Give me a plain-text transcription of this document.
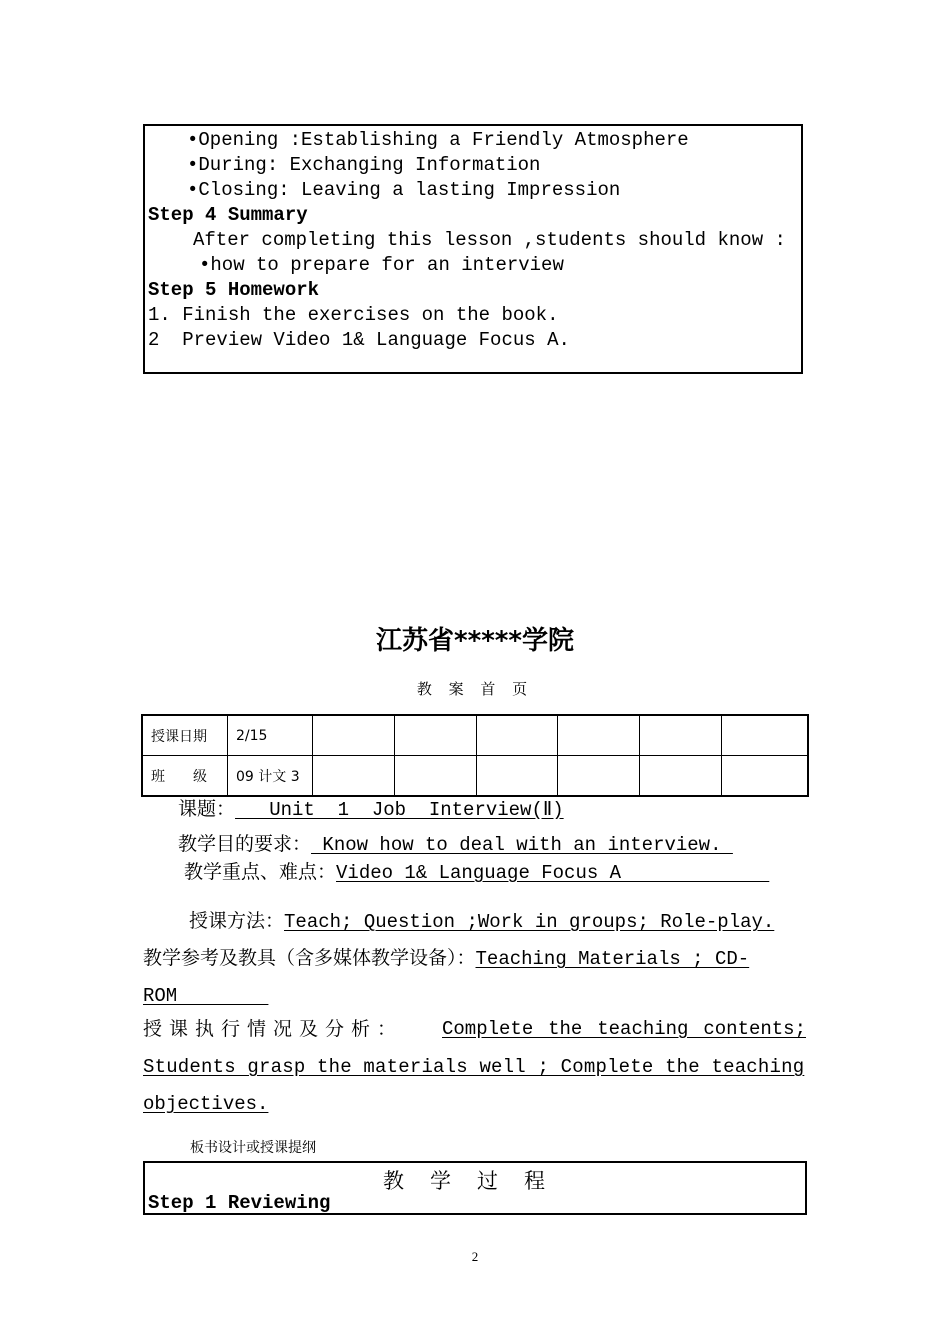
•Opening :Establishing a Friendly Atmosphere
•During: Exchanging Information
•Closing: Leaving a lasting Impression
Step 4 Summary
After completing this lesson ,students should know :
•how to prepare for an interview
Step 5 Homework
1. Finish the exercises on the book.
2  Preview Video 1& Language Focus A.
江苏省*****学院
教 案 首 页
授课日期	2/15						
班　　级	09 计文 3						
课题：   Unit  1  Job  Interview(Ⅱ)
教学目的要求： Know how to deal with an interview.
教学重点、难点：Video 1& Language Focus A
授课方法：Teach; Question ;Work in groups; Role-play.
教学参考及教具（含多媒体教学设备）：Teaching Materials ; CD-
ROM
授课执行情况及分析： Complete the teaching contents;
Students grasp the materials well ; Complete the teaching
objectives.
板书设计或授课提纲
教学过程
Step 1 Reviewing
2
